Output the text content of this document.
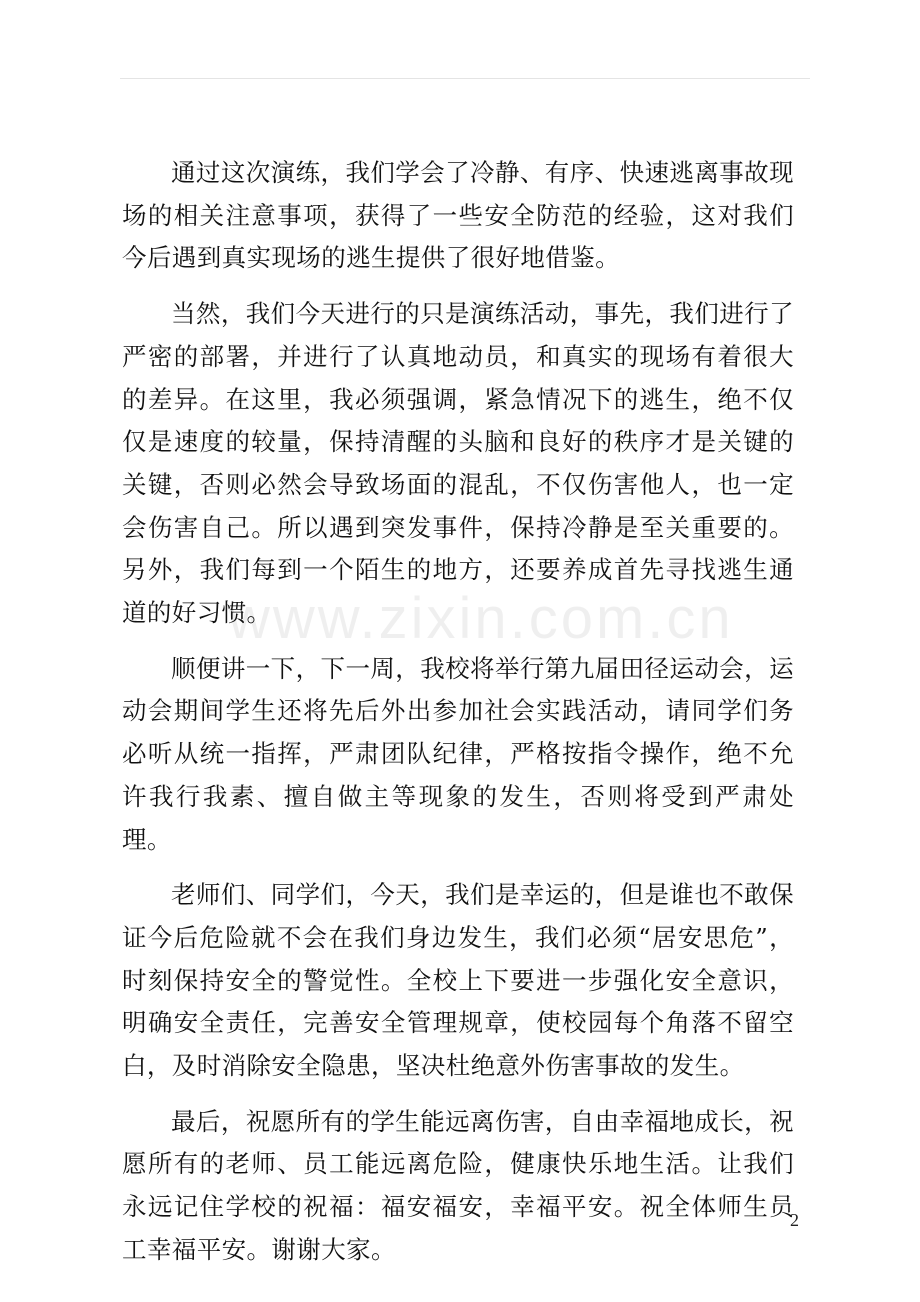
www.zixin.com.cn

通过这次演练，我们学会了冷静、有序、快速逃离事故现场的相关注意事项，获得了一些安全防范的经验，这对我们今后遇到真实现场的逃生提供了很好地借鉴。

当然，我们今天进行的只是演练活动，事先，我们进行了严密的部署，并进行了认真地动员，和真实的现场有着很大的差异。在这里，我必须强调，紧急情况下的逃生，绝不仅仅是速度的较量，保持清醒的头脑和良好的秩序才是关键的关键，否则必然会导致场面的混乱，不仅伤害他人，也一定会伤害自己。所以遇到突发事件，保持冷静是至关重要的。另外，我们每到一个陌生的地方，还要养成首先寻找逃生通道的好习惯。

顺便讲一下，下一周，我校将举行第九届田径运动会，运动会期间学生还将先后外出参加社会实践活动，请同学们务必听从统一指挥，严肃团队纪律，严格按指令操作，绝不允许我行我素、擅自做主等现象的发生，否则将受到严肃处理。

老师们、同学们，今天，我们是幸运的，但是谁也不敢保证今后危险就不会在我们身边发生，我们必须“居安思危”，时刻保持安全的警觉性。全校上下要进一步强化安全意识，明确安全责任，完善安全管理规章，使校园每个角落不留空白，及时消除安全隐患，坚决杜绝意外伤害事故的发生。

最后，祝愿所有的学生能远离伤害，自由幸福地成长，祝愿所有的老师、员工能远离危险，健康快乐地生活。让我们永远记住学校的祝福：福安福安，幸福平安。祝全体师生员工幸福平安。谢谢大家。

2
